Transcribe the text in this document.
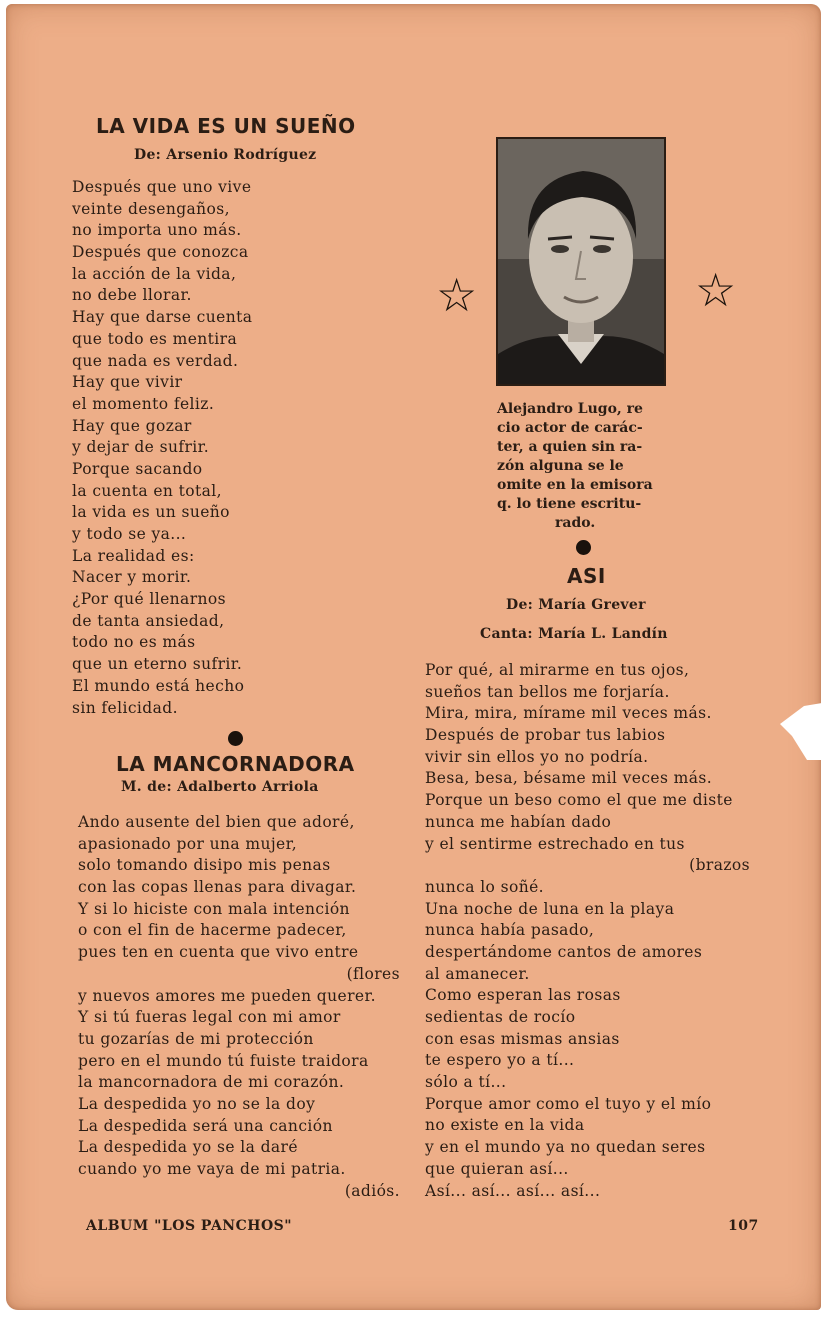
LA VIDA ES UN SUEÑO
De: Arsenio Rodríguez
Después que uno vive
veinte desengaños,
no importa uno más.
Después que conozca
la acción de la vida,
no debe llorar.
Hay que darse cuenta
que todo es mentira
que nada es verdad.
Hay que vivir
el momento feliz.
Hay que gozar
y dejar de sufrir.
Porque sacando
la cuenta en total,
la vida es un sueño
y todo se ya...
La realidad es:
Nacer y morir.
¿Por qué llenarnos
de tanta ansiedad,
todo no es más
que un eterno sufrir.
El mundo está hecho
sin felicidad.
LA MANCORNADORA
M. de: Adalberto Arriola
Ando ausente del bien que adoré,
apasionado por una mujer,
solo tomando disipo mis penas
con las copas llenas para divagar.
Y si lo hiciste con mala intención
o con el fin de hacerme padecer,
pues ten en cuenta que vivo entre
(flores
y nuevos amores me pueden querer.
Y si tú fueras legal con mi amor
tu gozarías de mi protección
pero en el mundo tú fuiste traidora
la mancornadora de mi corazón.
La despedida yo no se la doy
La despedida será una canción
La despedida yo se la daré
cuando yo me vaya de mi patria.
(adiós.
☆	☆
Alejandro Lugo, re
cio actor de carác-
ter, a quien sin ra-
zón alguna se le
omite en la emisora
q. lo tiene escritu-
rado.
ASI
De: María Grever
Canta: María L. Landín
Por qué, al mirarme en tus ojos,
sueños tan bellos me forjaría.
Mira, mira, mírame mil veces más.
Después de probar tus labios
vivir sin ellos yo no podría.
Besa, besa, bésame mil veces más.
Porque un beso como el que me diste
nunca me habían dado
y el sentirme estrechado en tus
(brazos
nunca lo soñé.
Una noche de luna en la playa
nunca había pasado,
despertándome cantos de amores
al amanecer.
Como esperan las rosas
sedientas de rocío
con esas mismas ansias
te espero yo a tí...
sólo a tí...
Porque amor como el tuyo y el mío
no existe en la vida
y en el mundo ya no quedan seres
que quieran así...
Así... así... así... así...
ALBUM "LOS PANCHOS"	107
